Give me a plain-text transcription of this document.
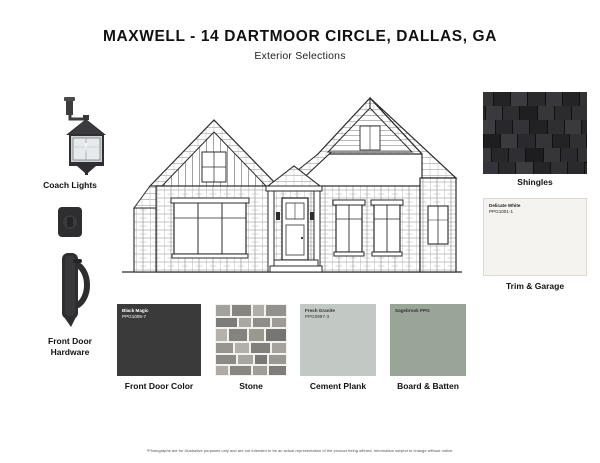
MAXWELL - 14 DARTMOOR CIRCLE, DALLAS, GA
Exterior Selections
Coach Lights
Front Door
Hardware
Shingles
Delicate White
PPG1001-1
Trim & Garage
Black Magic
PPG1005-7
Front Door Color	Stone
Fresh Granite
PPG0997-3
Cement Plank
Sagebrook PPG
Board & Batten
*Photographs are for illustrative purposes only and are not intended to be an actual representation of the product being offered. Information subject to change without notice.
